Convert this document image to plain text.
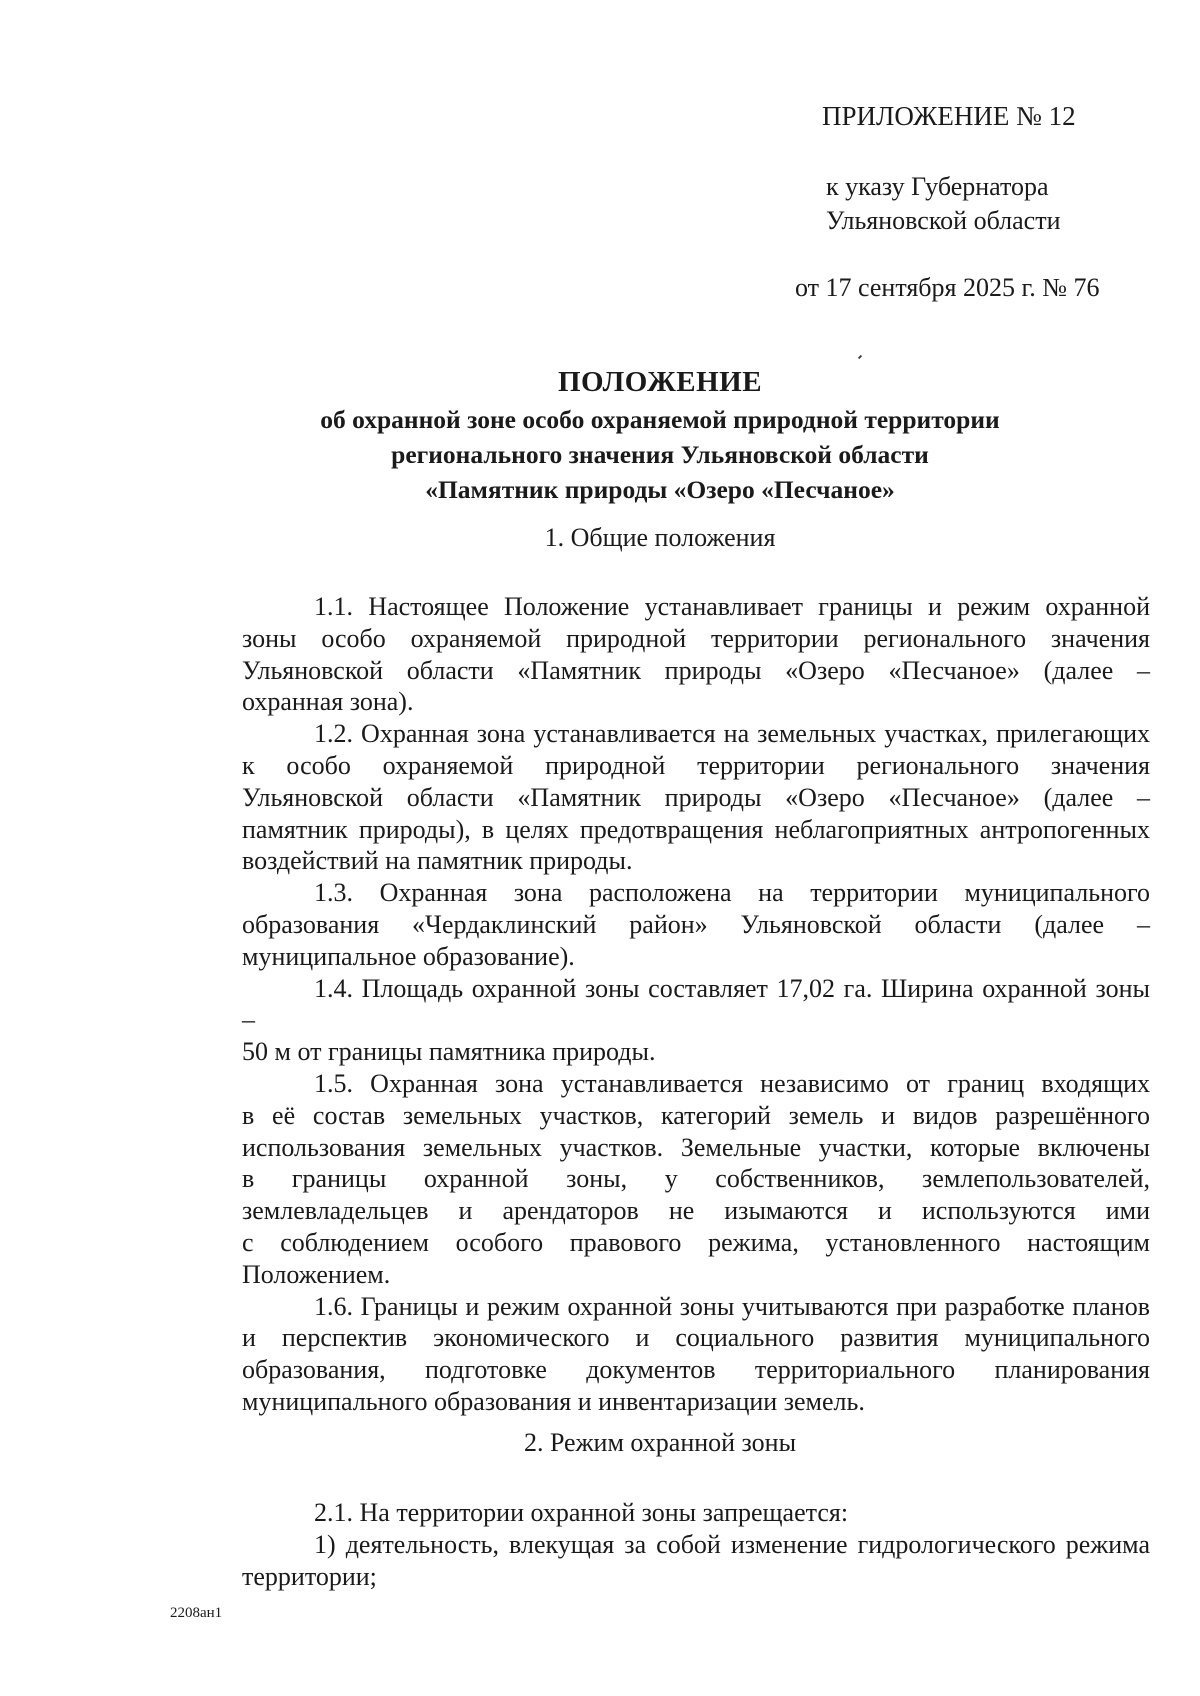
ПРИЛОЖЕНИЕ № 12
к указу Губернатора
Ульяновской области
от 17 сентября 2025 г. № 76
ПОЛОЖЕНИЕ
об охранной зоне особо охраняемой природной территории
регионального значения Ульяновской области
«Памятник природы «Озеро «Песчаное»
1. Общие положения

1.1. Настоящее Положение устанавливает границы и режим охранной
зоны особо охраняемой природной территории регионального значения
Ульяновской области «Памятник природы «Озеро «Песчаное» (далее –
охранная зона).

1.2. Охранная зона устанавливается на земельных участках, прилегающих
к особо охраняемой природной территории регионального значения
Ульяновской области «Памятник природы «Озеро «Песчаное» (далее –
памятник природы), в целях предотвращения неблагоприятных антропогенных
воздействий на памятник природы.

1.3. Охранная зона расположена на территории муниципального
образования «Чердаклинский район» Ульяновской области (далее –
муниципальное образование).

1.4. Площадь охранной зоны составляет 17,02 га. Ширина охранной зоны –
50 м от границы памятника природы.

1.5. Охранная зона устанавливается независимо от границ входящих
в её состав земельных участков, категорий земель и видов разрешённого
использования земельных участков. Земельные участки, которые включены
в границы охранной зоны, у собственников, землепользователей,
землевладельцев и арендаторов не изымаются и используются ими
с соблюдением особого правового режима, установленного настоящим
Положением.

1.6. Границы и режим охранной зоны учитываются при разработке планов
и перспектив экономического и социального развития муниципального
образования, подготовке документов территориального планирования
муниципального образования и инвентаризации земель.

2. Режим охранной зоны

2.1. На территории охранной зоны запрещается:

1) деятельность, влекущая за собой изменение гидрологического режима
территории;

2208ан1
